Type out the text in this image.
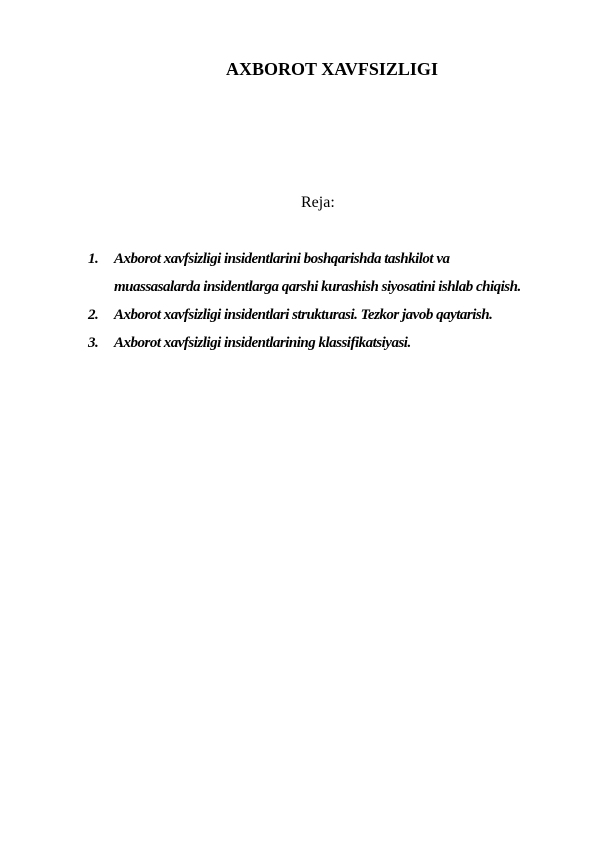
AXBOROT XAVFSIZLIGI

Reja:

1. Axborot xavfsizligi insidentlarini boshqarishda tashkilot va
muassasalarda insidentlarga qarshi kurashish siyosatini ishlab chiqish.
2. Axborot xavfsizligi insidentlari strukturasi. Tezkor javob qaytarish.
3. Axborot xavfsizligi insidentlarining klassifikatsiyasi.
